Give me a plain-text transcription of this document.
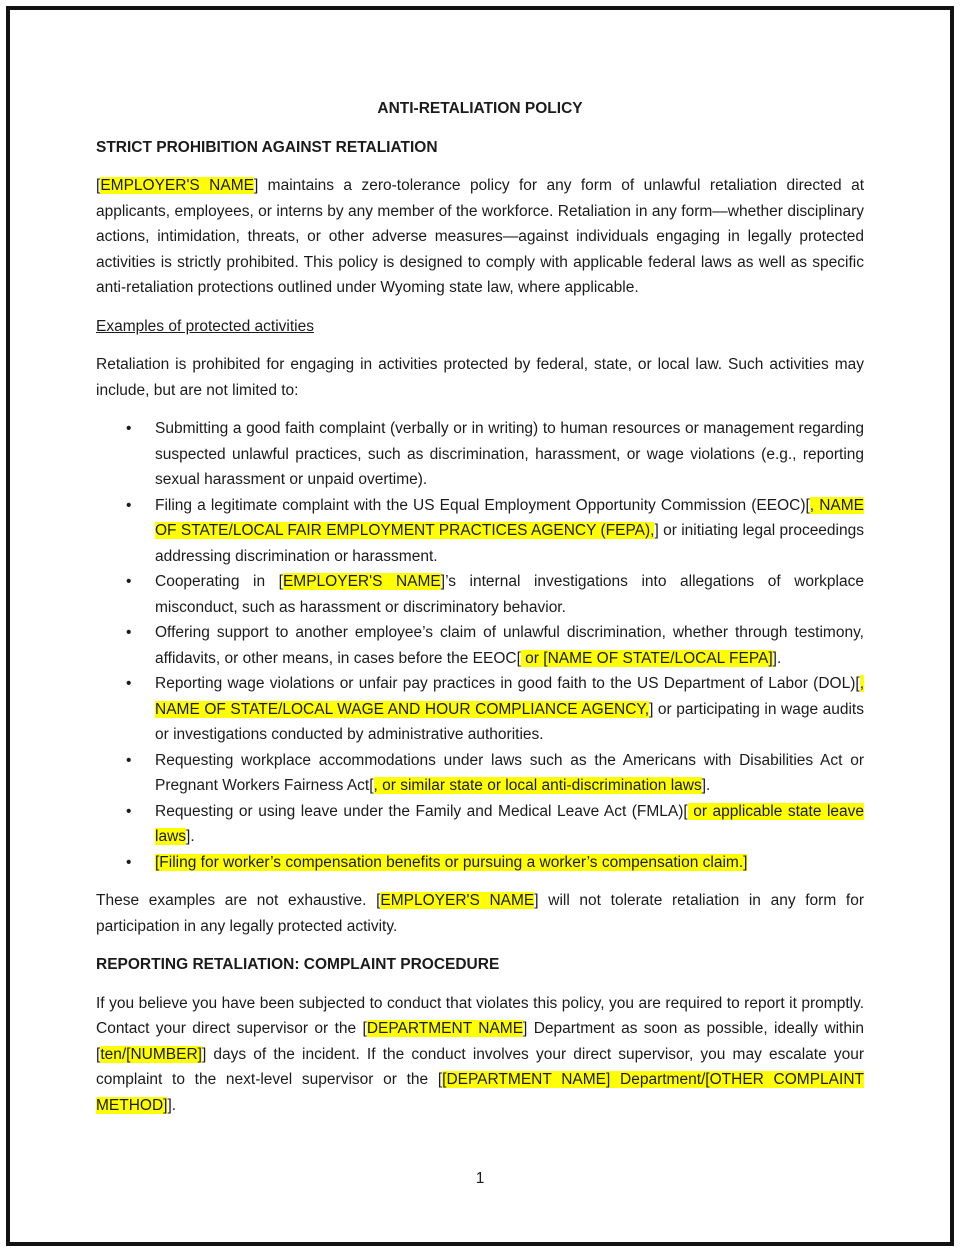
ANTI-RETALIATION POLICY
STRICT PROHIBITION AGAINST RETALIATION
[EMPLOYER'S NAME] maintains a zero-tolerance policy for any form of unlawful retaliation directed at applicants, employees, or interns by any member of the workforce. Retaliation in any form—whether disciplinary actions, intimidation, threats, or other adverse measures—against individuals engaging in legally protected activities is strictly prohibited. This policy is designed to comply with applicable federal laws as well as specific anti-retaliation protections outlined under Wyoming state law, where applicable.
Examples of protected activities
Retaliation is prohibited for engaging in activities protected by federal, state, or local law. Such activities may include, but are not limited to:
• Submitting a good faith complaint (verbally or in writing) to human resources or management regarding suspected unlawful practices, such as discrimination, harassment, or wage violations (e.g., reporting sexual harassment or unpaid overtime).
• Filing a legitimate complaint with the US Equal Employment Opportunity Commission (EEOC)[, NAME OF STATE/LOCAL FAIR EMPLOYMENT PRACTICES AGENCY (FEPA),] or initiating legal proceedings addressing discrimination or harassment.
• Cooperating in [EMPLOYER'S NAME]’s internal investigations into allegations of workplace misconduct, such as harassment or discriminatory behavior.
• Offering support to another employee’s claim of unlawful discrimination, whether through testimony, affidavits, or other means, in cases before the EEOC[ or [NAME OF STATE/LOCAL FEPA]].
• Reporting wage violations or unfair pay practices in good faith to the US Department of Labor (DOL)[, NAME OF STATE/LOCAL WAGE AND HOUR COMPLIANCE AGENCY,] or participating in wage audits or investigations conducted by administrative authorities.
• Requesting workplace accommodations under laws such as the Americans with Disabilities Act or Pregnant Workers Fairness Act[, or similar state or local anti-discrimination laws].
• Requesting or using leave under the Family and Medical Leave Act (FMLA)[ or applicable state leave laws].
• [Filing for worker’s compensation benefits or pursuing a worker’s compensation claim.]
These examples are not exhaustive. [EMPLOYER'S NAME] will not tolerate retaliation in any form for participation in any legally protected activity.
REPORTING RETALIATION: COMPLAINT PROCEDURE
If you believe you have been subjected to conduct that violates this policy, you are required to report it promptly. Contact your direct supervisor or the [DEPARTMENT NAME] Department as soon as possible, ideally within [ten/[NUMBER]] days of the incident. If the conduct involves your direct supervisor, you may escalate your complaint to the next-level supervisor or the [[DEPARTMENT NAME] Department/[OTHER COMPLAINT METHOD]].
1
